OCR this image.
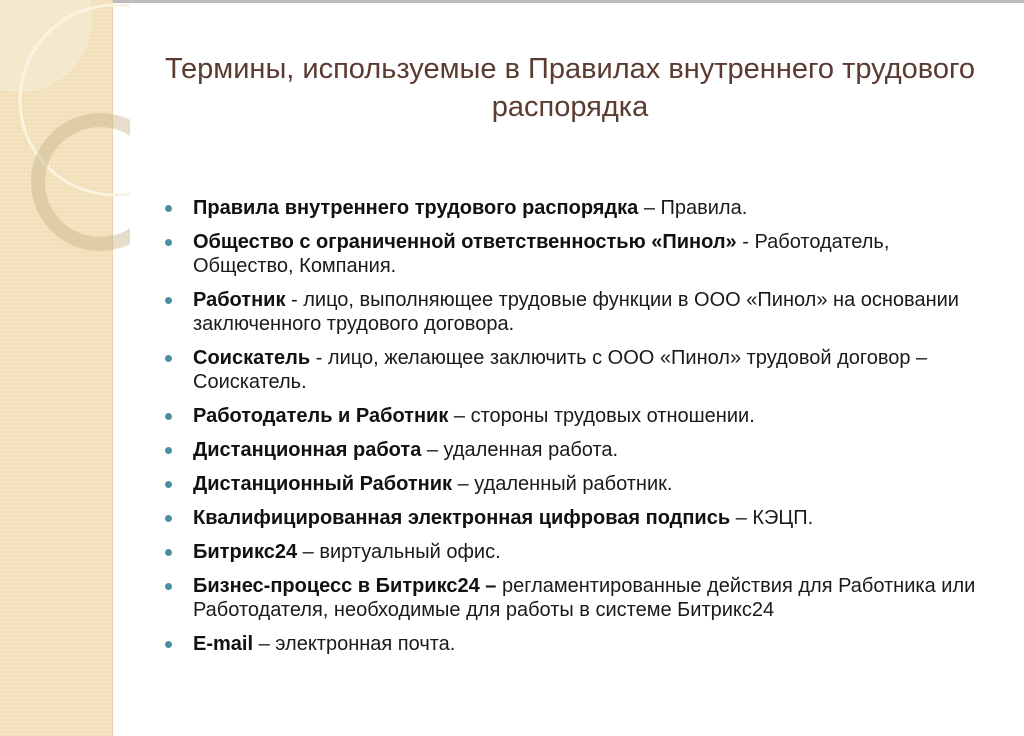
Термины, используемые в Правилах внутреннего трудового распорядка
Правила внутреннего трудового распорядка – Правила.
Общество с ограниченной ответственностью «Пинол» - Работодатель, Общество, Компания.
Работник - лицо, выполняющее трудовые функции в ООО «Пинол» на основании заключенного трудового договора.
Соискатель - лицо, желающее заключить с ООО «Пинол» трудовой договор – Соискатель.
Работодатель и Работник – стороны трудовых отношении.
Дистанционная работа – удаленная работа.
Дистанционный Работник – удаленный работник.
Квалифицированная электронная цифровая подпись – КЭЦП.
Битрикс24 – виртуальный офис.
Бизнес-процесс в Битрикс24 – регламентированные действия для Работника или Работодателя, необходимые для работы в системе Битрикс24
E-mail – электронная почта.
